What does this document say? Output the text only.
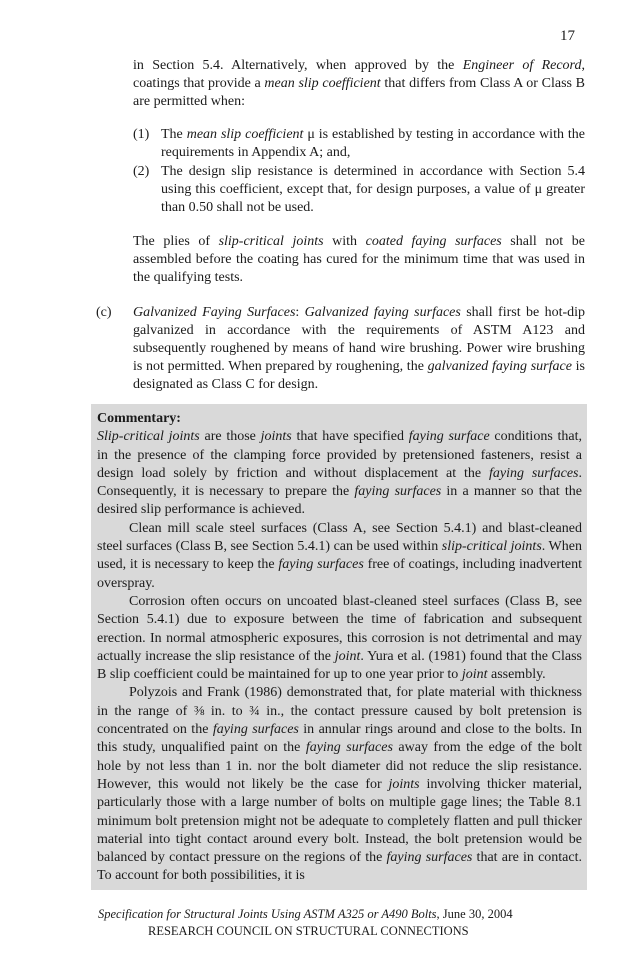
17
in Section 5.4. Alternatively, when approved by the Engineer of Record, coatings that provide a mean slip coefficient that differs from Class A or Class B are permitted when:
(1) The mean slip coefficient μ is established by testing in accordance with the requirements in Appendix A; and,
(2) The design slip resistance is determined in accordance with Section 5.4 using this coefficient, except that, for design purposes, a value of μ greater than 0.50 shall not be used.
The plies of slip-critical joints with coated faying surfaces shall not be assembled before the coating has cured for the minimum time that was used in the qualifying tests.
(c)	Galvanized Faying Surfaces: Galvanized faying surfaces shall first be hot-dip galvanized in accordance with the requirements of ASTM A123 and subsequently roughened by means of hand wire brushing. Power wire brushing is not permitted. When prepared by roughening, the galvanized faying surface is designated as Class C for design.
Commentary:

Slip-critical joints are those joints that have specified faying surface conditions that, in the presence of the clamping force provided by pretensioned fasteners, resist a design load solely by friction and without displacement at the faying surfaces. Consequently, it is necessary to prepare the faying surfaces in a manner so that the desired slip performance is achieved.

Clean mill scale steel surfaces (Class A, see Section 5.4.1) and blast-cleaned steel surfaces (Class B, see Section 5.4.1) can be used within slip-critical joints. When used, it is necessary to keep the faying surfaces free of coatings, including inadvertent overspray.

Corrosion often occurs on uncoated blast-cleaned steel surfaces (Class B, see Section 5.4.1) due to exposure between the time of fabrication and subsequent erection. In normal atmospheric exposures, this corrosion is not detrimental and may actually increase the slip resistance of the joint. Yura et al. (1981) found that the Class B slip coefficient could be maintained for up to one year prior to joint assembly.

Polyzois and Frank (1986) demonstrated that, for plate material with thickness in the range of ⅜ in. to ¾ in., the contact pressure caused by bolt pretension is concentrated on the faying surfaces in annular rings around and close to the bolts. In this study, unqualified paint on the faying surfaces away from the edge of the bolt hole by not less than 1 in. nor the bolt diameter did not reduce the slip resistance. However, this would not likely be the case for joints involving thicker material, particularly those with a large number of bolts on multiple gage lines; the Table 8.1 minimum bolt pretension might not be adequate to completely flatten and pull thicker material into tight contact around every bolt. Instead, the bolt pretension would be balanced by contact pressure on the regions of the faying surfaces that are in contact. To account for both possibilities, it is

Specification for Structural Joints Using ASTM A325 or A490 Bolts, June 30, 2004
RESEARCH COUNCIL ON STRUCTURAL CONNECTIONS
